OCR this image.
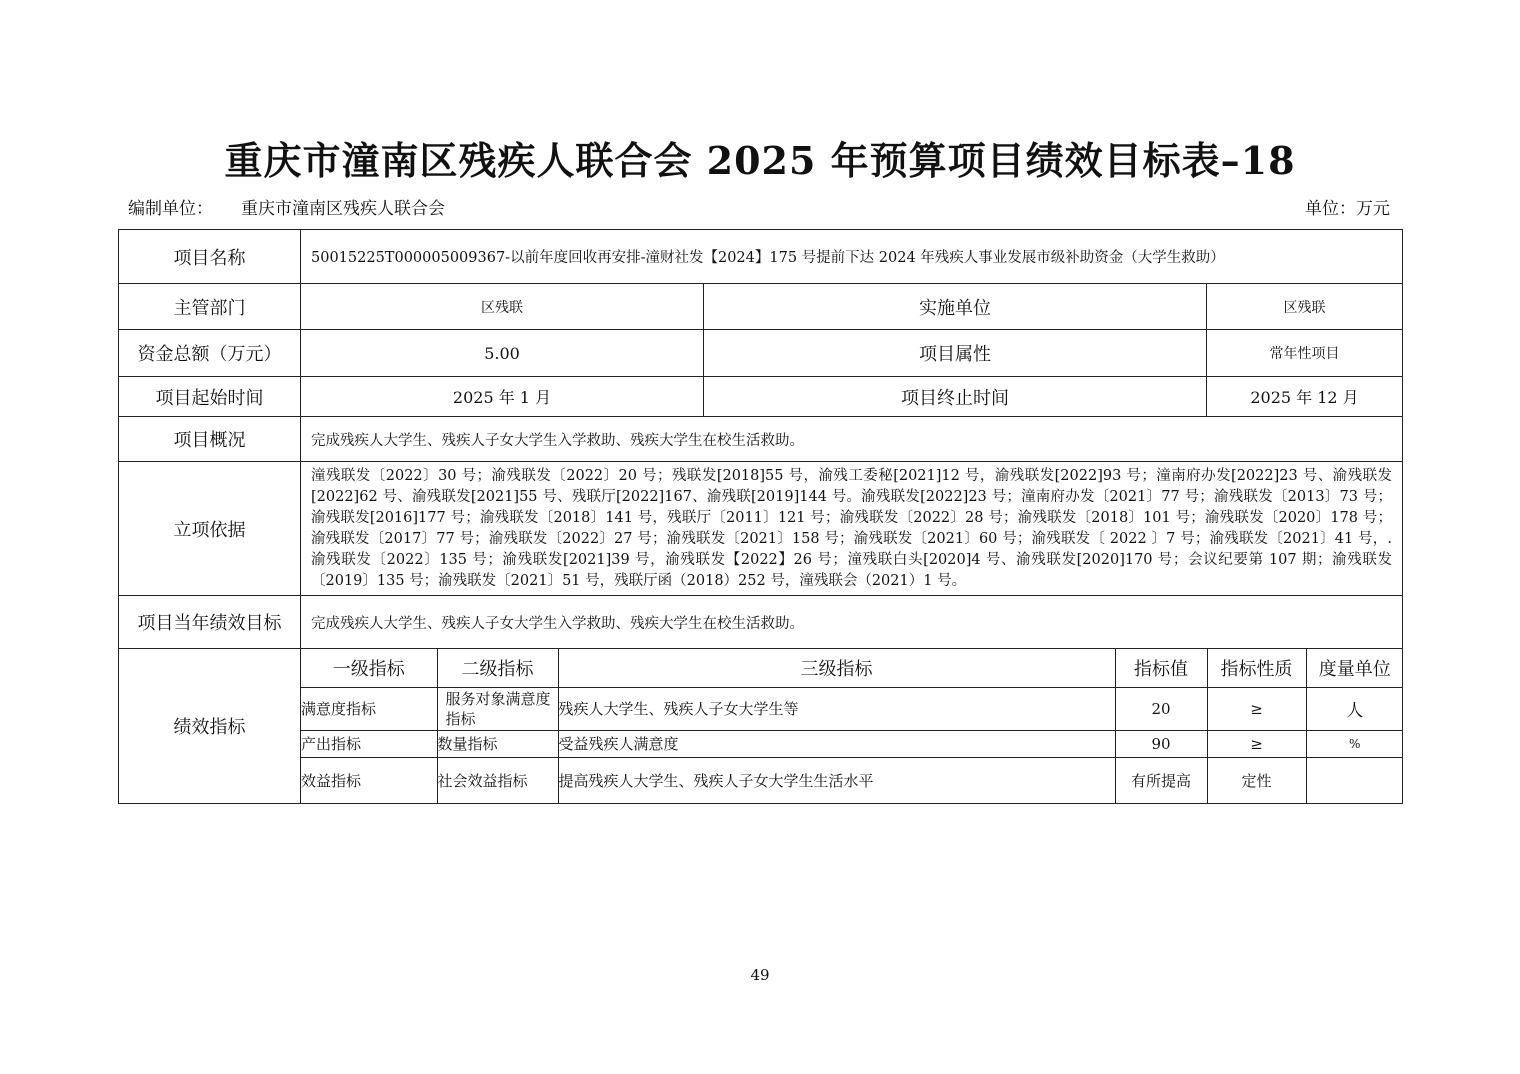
重庆市潼南区残疾人联合会 2025 年预算项目绩效目标表–18
编制单位： 重庆市潼南区残疾人联合会	单位：万元
项目名称	50015225T000005009367-以前年度回收再安排-潼财社发【2024】175 号提前下达 2024 年残疾人事业发展市级补助资金（大学生救助）
主管部门	区残联	实施单位	区残联
资金总额（万元）	5.00	项目属性	常年性项目
项目起始时间	2025 年 1 月	项目终止时间	2025 年 12 月
项目概况	完成残疾人大学生、残疾人子女大学生入学救助、残疾大学生在校生活救助。
立项依据	潼残联发〔2022〕30 号；渝残联发〔2022〕20 号；残联发[2018]55 号，渝残工委秘[2021]12 号，渝残联发[2022]93 号；潼南府办发[2022]23 号、渝残联发[2022]62 号、渝残联发[2021]55 号、残联厅[2022]167、渝残联[2019]144 号。渝残联发[2022]23 号；潼南府办发〔2021〕77 号；渝残联发〔2013〕73 号；渝残联发[2016]177 号；渝残联发〔2018〕141 号，残联厅〔2011〕121 号；渝残联发〔2022〕28 号；渝残联发〔2018〕101 号；渝残联发〔2020〕178 号；渝残联发〔2017〕77 号；渝残联发〔2022〕27 号；渝残联发〔2021〕158 号；渝残联发〔2021〕60 号；渝残联发〔 2022 〕7 号；渝残联发〔2021〕41 号，.渝残联发〔2022〕135 号；渝残联发[2021]39 号，渝残联发【2022】26 号；潼残联白头[2020]4 号、渝残联发[2020]170 号；会议纪要第 107 期；渝残联发〔2019〕135 号；渝残联发〔2021〕51 号，残联厅函（2018）252 号，潼残联会（2021）1 号。
项目当年绩效目标	完成残疾人大学生、残疾人子女大学生入学救助、残疾大学生在校生活救助。
绩效指标	
一级指标	二级指标	三级指标	指标值	指标性质	度量单位
满意度指标	服务对象满意度指标	残疾人大学生、残疾人子女大学生等	20	≥	人
产出指标	数量指标	受益残疾人满意度	90	≥	%
效益指标	社会效益指标	提高残疾人大学生、残疾人子女大学生生活水平	有所提高	定性	
49
